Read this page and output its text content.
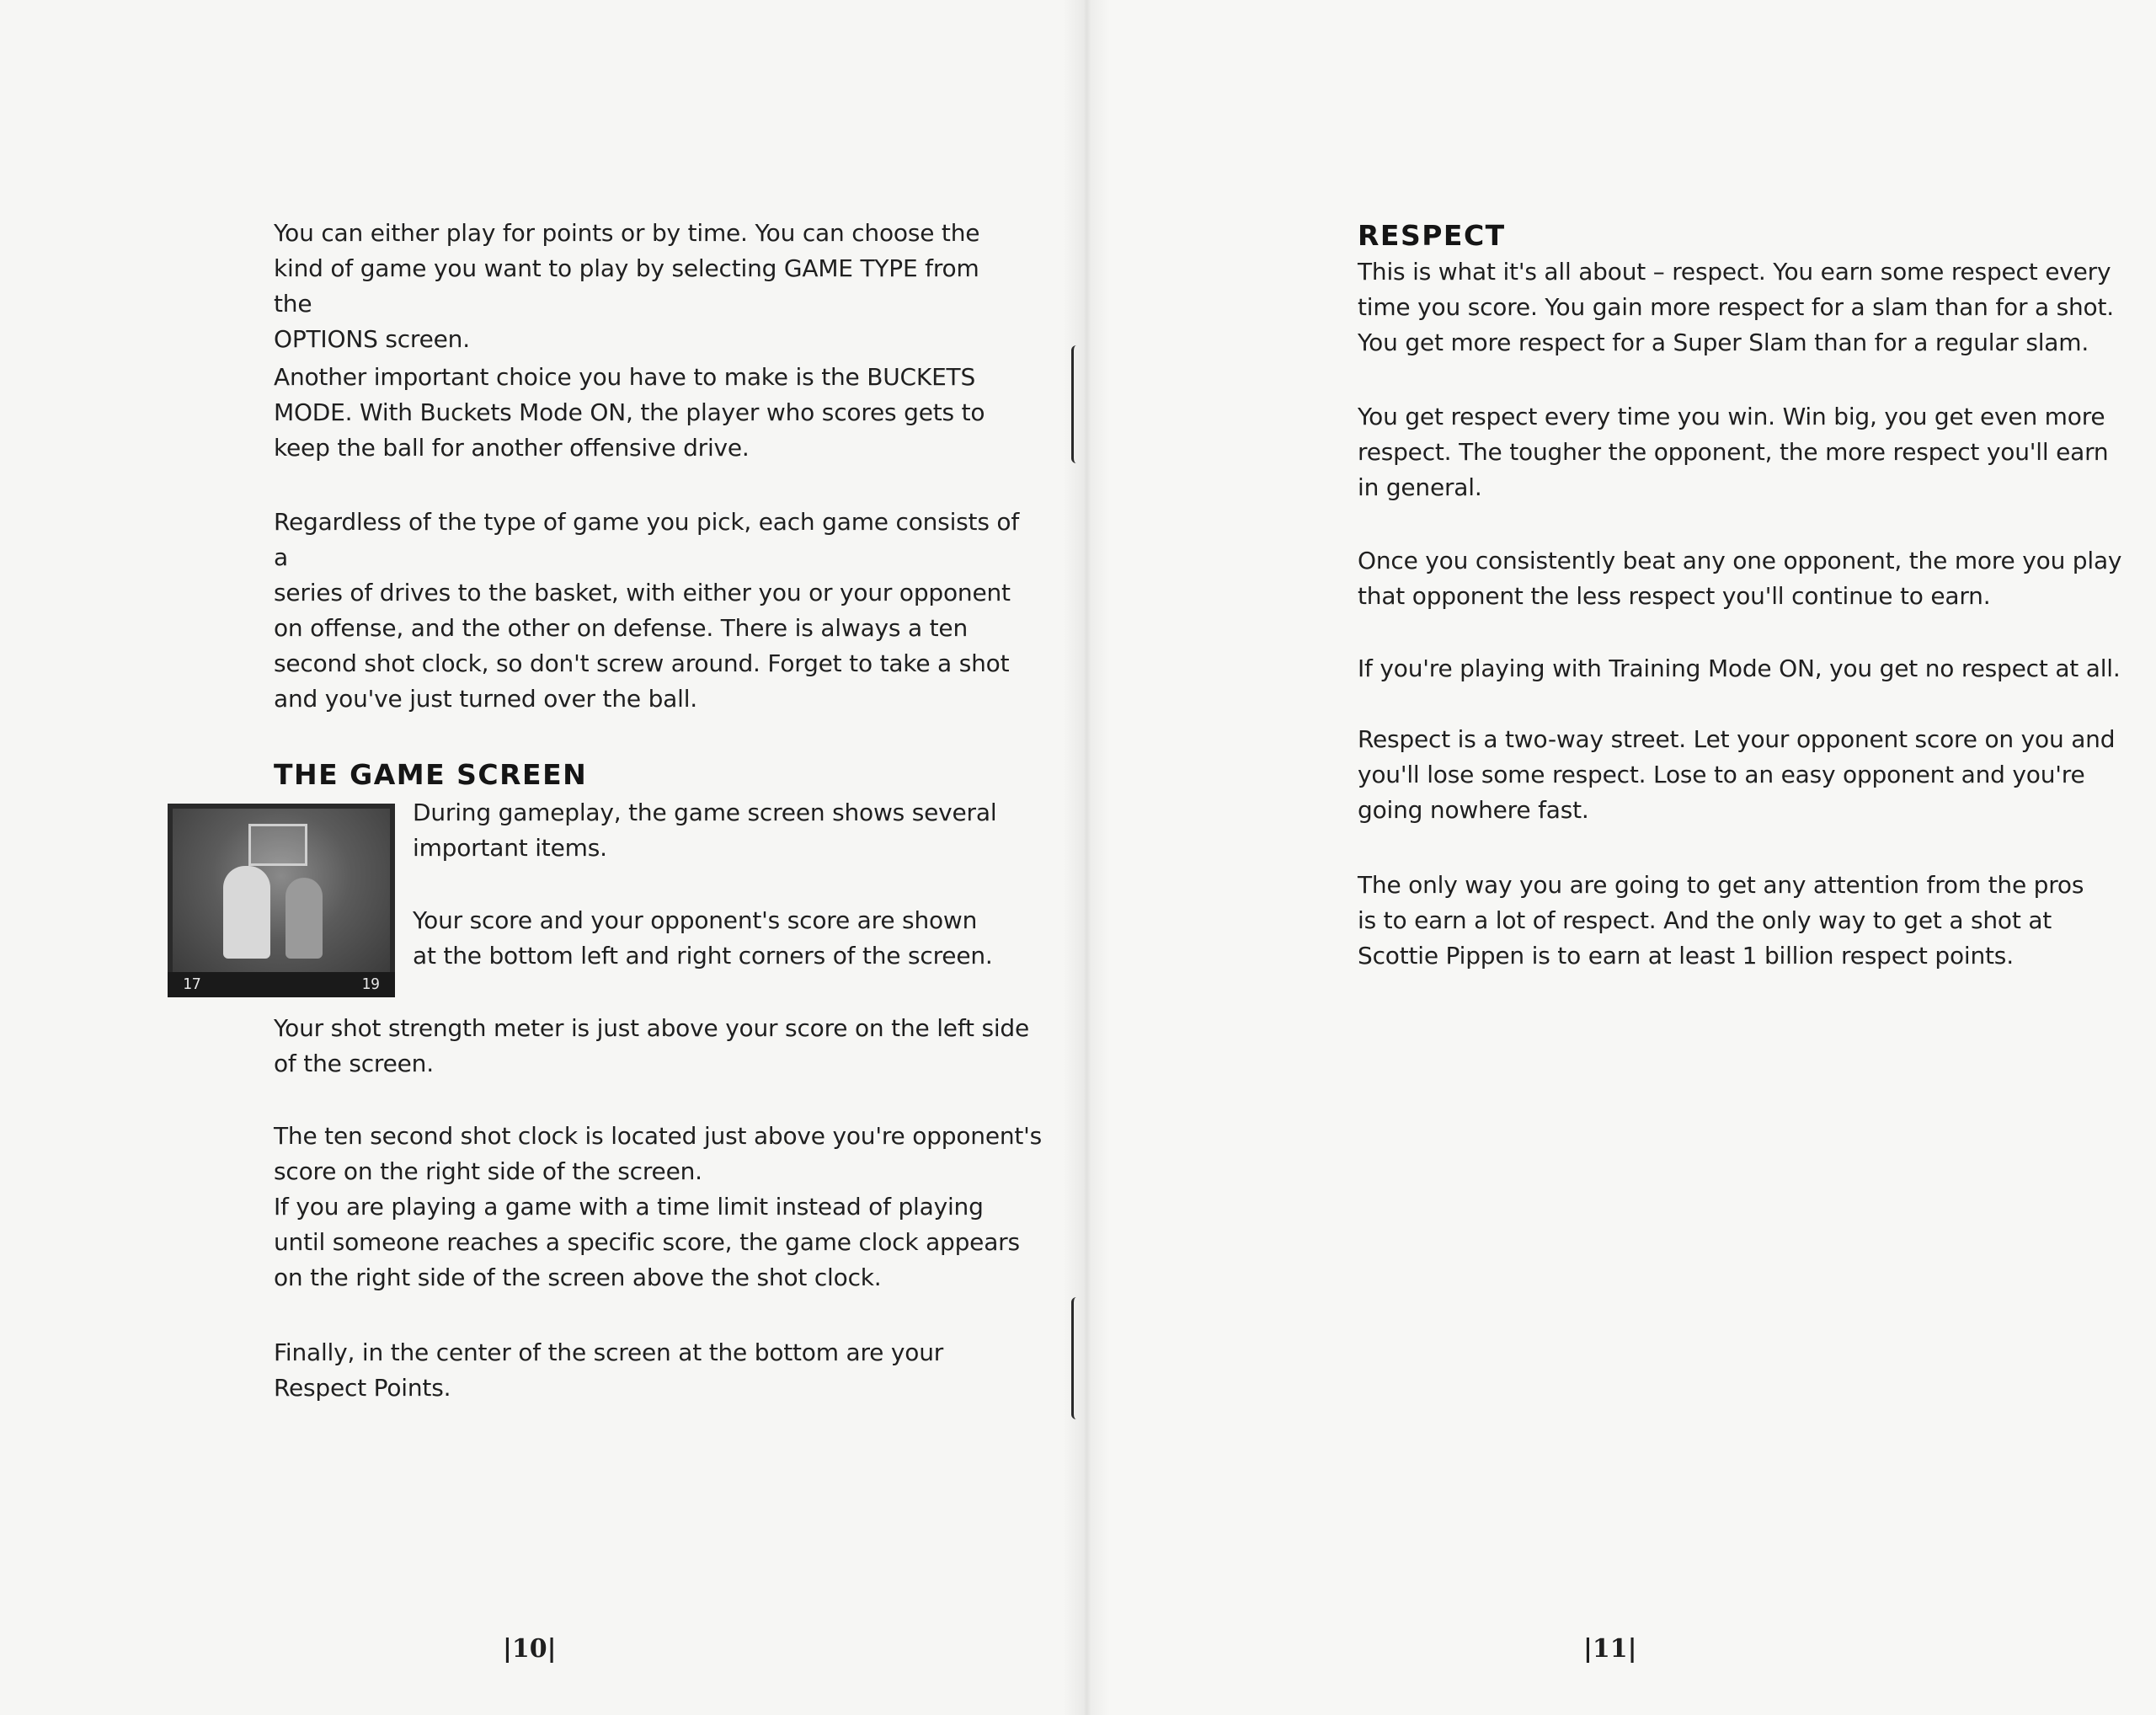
You can either play for points or by time. You can choose the
kind of game you want to play by selecting GAME TYPE from the
OPTIONS screen.

Another important choice you have to make is the BUCKETS
MODE. With Buckets Mode ON, the player who scores gets to
keep the ball for another offensive drive.

Regardless of the type of game you pick, each game consists of a
series of drives to the basket, with either you or your opponent
on offense, and the other on defense. There is always a ten
second shot clock, so don't screw around. Forget to take a shot
and you've just turned over the ball.

THE GAME SCREEN
17	19

During gameplay, the game screen shows several
important items.

Your score and your opponent's score are shown
at the bottom left and right corners of the screen.

Your shot strength meter is just above your score on the left side
of the screen.

The ten second shot clock is located just above you're opponent's
score on the right side of the screen.
If you are playing a game with a time limit instead of playing
until someone reaches a specific score, the game clock appears
on the right side of the screen above the shot clock.

Finally, in the center of the screen at the bottom are your
Respect Points.

|10|
RESPECT

This is what it's all about – respect. You earn some respect every
time you score. You gain more respect for a slam than for a shot.
You get more respect for a Super Slam than for a regular slam.

You get respect every time you win. Win big, you get even more
respect. The tougher the opponent, the more respect you'll earn
in general.

Once you consistently beat any one opponent, the more you play
that opponent the less respect you'll continue to earn.

If you're playing with Training Mode ON, you get no respect at all.

Respect is a two-way street. Let your opponent score on you and
you'll lose some respect. Lose to an easy opponent and you're
going nowhere fast.

The only way you are going to get any attention from the pros
is to earn a lot of respect. And the only way to get a shot at
Scottie Pippen is to earn at least 1 billion respect points.

|11|
